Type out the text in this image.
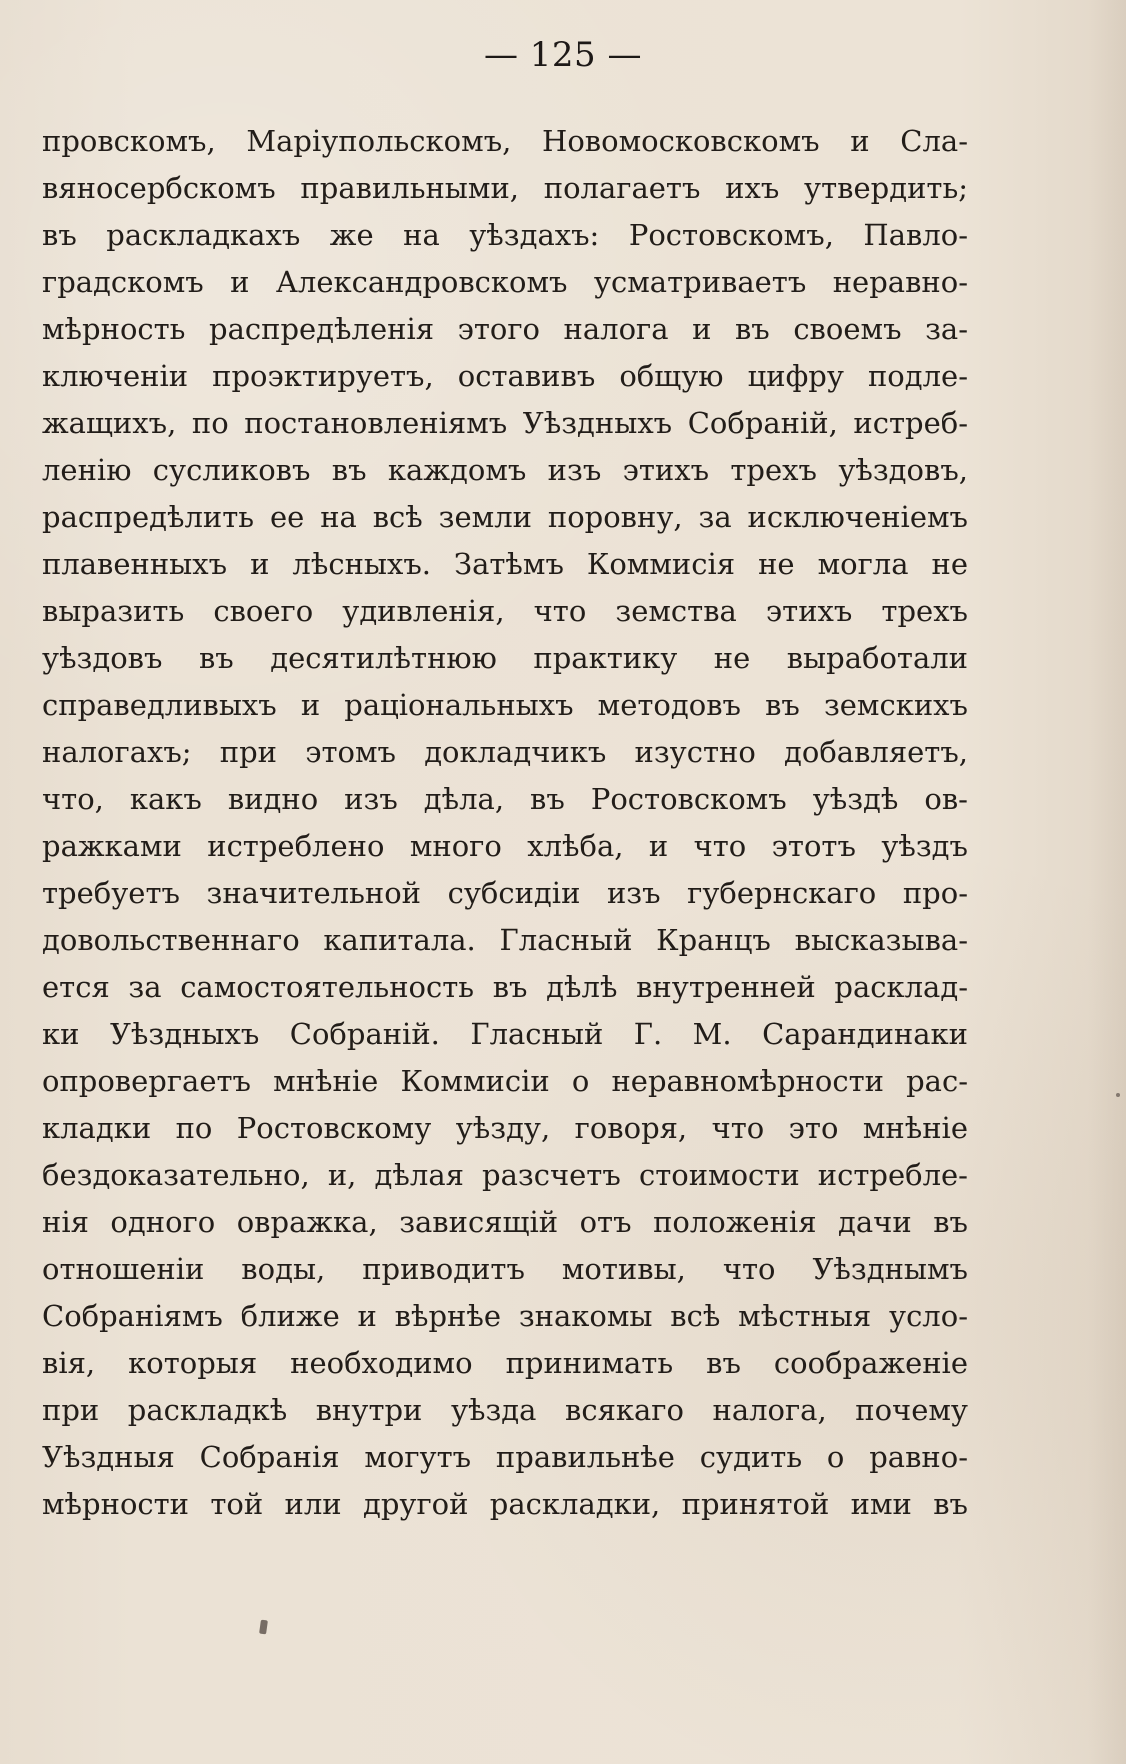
— 125 —
провскомъ, Маріупольскомъ, Новомосковскомъ и Сла-
вяносербскомъ правильными, полагаетъ ихъ утвердить;
въ раскладкахъ же на уѣздахъ: Ростовскомъ, Павло-
градскомъ и Александровскомъ усматриваетъ неравно-
мѣрность распредѣленія этого налога и въ своемъ за-
ключеніи проэктируетъ, оставивъ общую цифру подле-
жащихъ, по постановленіямъ Уѣздныхъ Собраній, истреб-
ленію сусликовъ въ каждомъ изъ этихъ трехъ уѣздовъ,
распредѣлить ее на всѣ земли поровну, за исключеніемъ
плавенныхъ и лѣсныхъ. Затѣмъ Коммисія не могла не
выразить своего удивленія, что земства этихъ трехъ
уѣздовъ въ десятилѣтнюю практику не выработали
справедливыхъ и раціональныхъ методовъ въ земскихъ
налогахъ; при этомъ докладчикъ изустно добавляетъ,
что, какъ видно изъ дѣла, въ Ростовскомъ уѣздѣ ов-
ражками истреблено много хлѣба, и что этотъ уѣздъ
требуетъ значительной субсидіи изъ губернскаго про-
довольственнаго капитала. Гласный Кранцъ высказыва-
ется за самостоятельность въ дѣлѣ внутренней расклад-
ки Уѣздныхъ Собраній. Гласный Г. М. Сарандинаки
опровергаетъ мнѣніе Коммисіи о неравномѣрности рас-
кладки по Ростовскому уѣзду, говоря, что это мнѣніе
бездоказательно, и, дѣлая разсчетъ стоимости истребле-
нія одного овражка, зависящій отъ положенія дачи въ
отношеніи воды, приводитъ мотивы, что Уѣзднымъ
Собраніямъ ближе и вѣрнѣе знакомы всѣ мѣстныя усло-
вія, которыя необходимо принимать въ соображеніе
при раскладкѣ внутри уѣзда всякаго налога, почему
Уѣздныя Собранія могутъ правильнѣе судить о равно-
мѣрности той или другой раскладки, принятой ими въ
